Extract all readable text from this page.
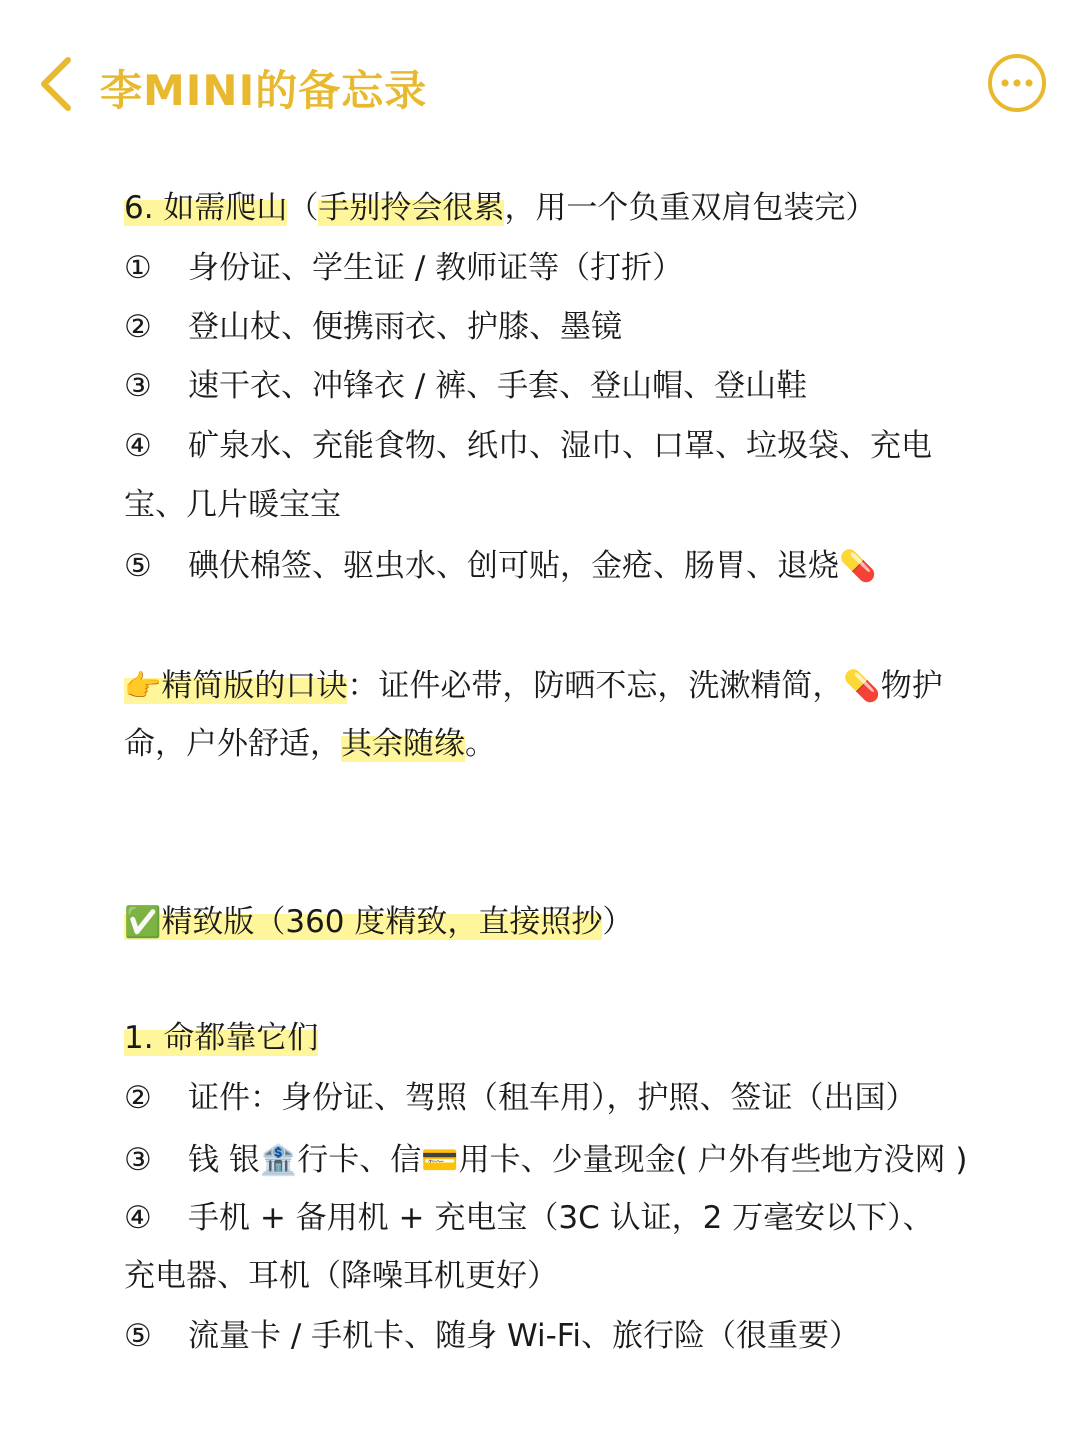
李MINI的备忘录
6. 如需爬山（手别拎会很累，用一个负重双肩包装完）
① 身份证、学生证 / 教师证等（打折）
② 登山杖、便携雨衣、护膝、墨镜
③ 速干衣、冲锋衣 / 裤、手套、登山帽、登山鞋
④ 矿泉水、充能食物、纸巾、湿巾、口罩、垃圾袋、充电
宝、几片暖宝宝
⑤ 碘伏棉签、驱虫水、创可贴，金疮、肠胃、退烧💊
👉精简版的口诀：证件必带，防晒不忘，洗漱精简，💊物护
命，户外舒适，其余随缘。
✅精致版（360 度精致，直接照抄）
1. 命都靠它们
② 证件：身份证、驾照（租车用），护照、签证（出国）
③ 钱 银🏦行卡、信💳用卡、少量现金( 户外有些地方没网 )
④ 手机 + 备用机 + 充电宝（3C 认证，2 万毫安以下）、
充电器、耳机（降噪耳机更好）
⑤ 流量卡 / 手机卡、随身 Wi-Fi、旅行险（很重要）
